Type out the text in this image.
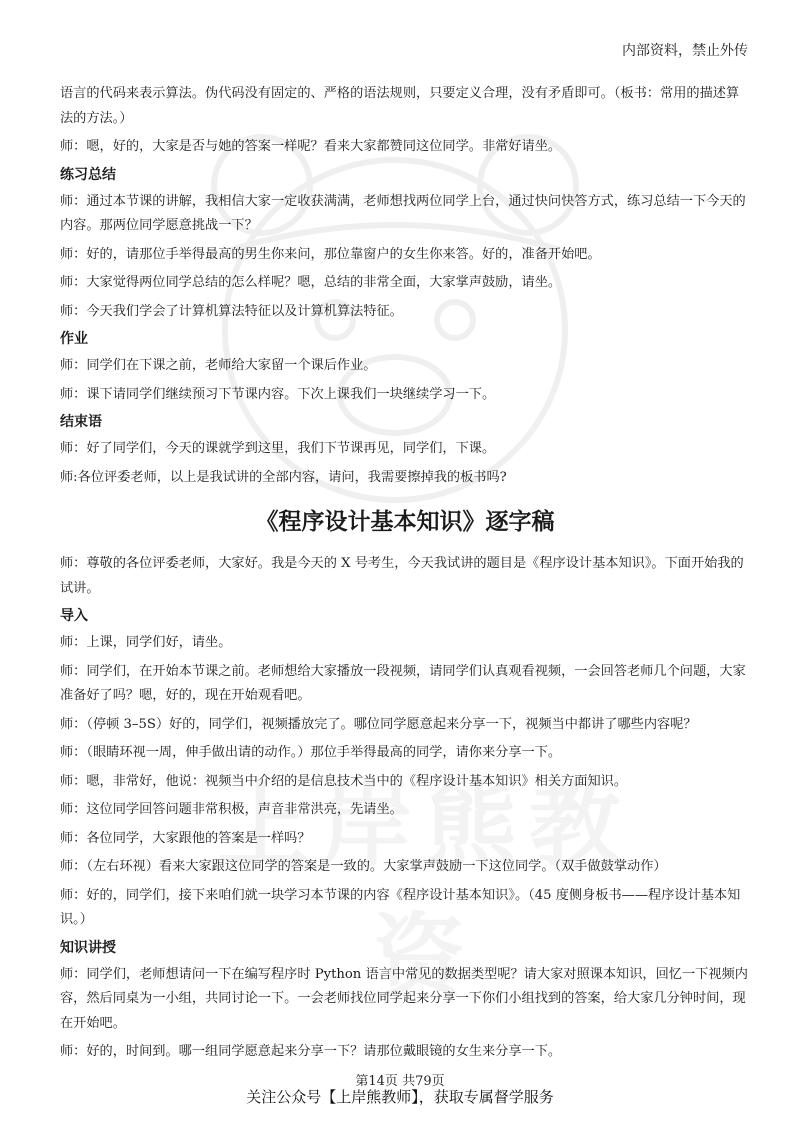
内部资料，禁止外传

语言的代码来表示算法。伪代码没有固定的、严格的语法规则，只要定义合理，没有矛盾即可。（板书：常用的描述算法的方法。）

师：嗯，好的，大家是否与她的答案一样呢？看来大家都赞同这位同学。非常好请坐。

练习总结

师：通过本节课的讲解，我相信大家一定收获满满，老师想找两位同学上台，通过快问快答方式，练习总结一下今天的内容。那两位同学愿意挑战一下？

师：好的，请那位手举得最高的男生你来问，那位靠窗户的女生你来答。好的，准备开始吧。

师：大家觉得两位同学总结的怎么样呢？嗯，总结的非常全面，大家掌声鼓励，请坐。

师：今天我们学会了计算机算法特征以及计算机算法特征。

作业

师：同学们在下课之前，老师给大家留一个课后作业。

师：课下请同学们继续预习下节课内容。下次上课我们一块继续学习一下。

结束语

师：好了同学们，今天的课就学到这里，我们下节课再见，同学们，下课。

师:各位评委老师，以上是我试讲的全部内容，请问，我需要擦掉我的板书吗?

《程序设计基本知识》逐字稿

师：尊敬的各位评委老师，大家好。我是今天的 X 号考生，今天我试讲的题目是《程序设计基本知识》。下面开始我的试讲。

导入

师：上课，同学们好，请坐。

师：同学们，在开始本节课之前。老师想给大家播放一段视频，请同学们认真观看视频，一会回答老师几个问题，大家准备好了吗？嗯，好的，现在开始观看吧。

师：（停顿 3–5S）好的，同学们，视频播放完了。哪位同学愿意起来分享一下，视频当中都讲了哪些内容呢？

师：（眼睛环视一周，伸手做出请的动作。）那位手举得最高的同学，请你来分享一下。

师：嗯，非常好，他说：视频当中介绍的是信息技术当中的《程序设计基本知识》相关方面知识。

师：这位同学回答问题非常积极，声音非常洪亮，先请坐。

师：各位同学，大家跟他的答案是一样吗？

师：（左右环视）看来大家跟这位同学的答案是一致的。大家掌声鼓励一下这位同学。（双手做鼓掌动作）

师：好的，同学们，接下来咱们就一块学习本节课的内容《程序设计基本知识》。（45 度侧身板书——程序设计基本知识。）

知识讲授

师：同学们，老师想请问一下在编写程序时 Python 语言中常见的数据类型呢？请大家对照课本知识，回忆一下视频内容，然后同桌为一小组，共同讨论一下。一会老师找位同学起来分享一下你们小组找到的答案，给大家几分钟时间，现在开始吧。

师：好的，时间到。哪一组同学愿意起来分享一下？请那位戴眼镜的女生来分享一下。

第14页 共79页
关注公众号【上岸熊教师】，获取专属督学服务
